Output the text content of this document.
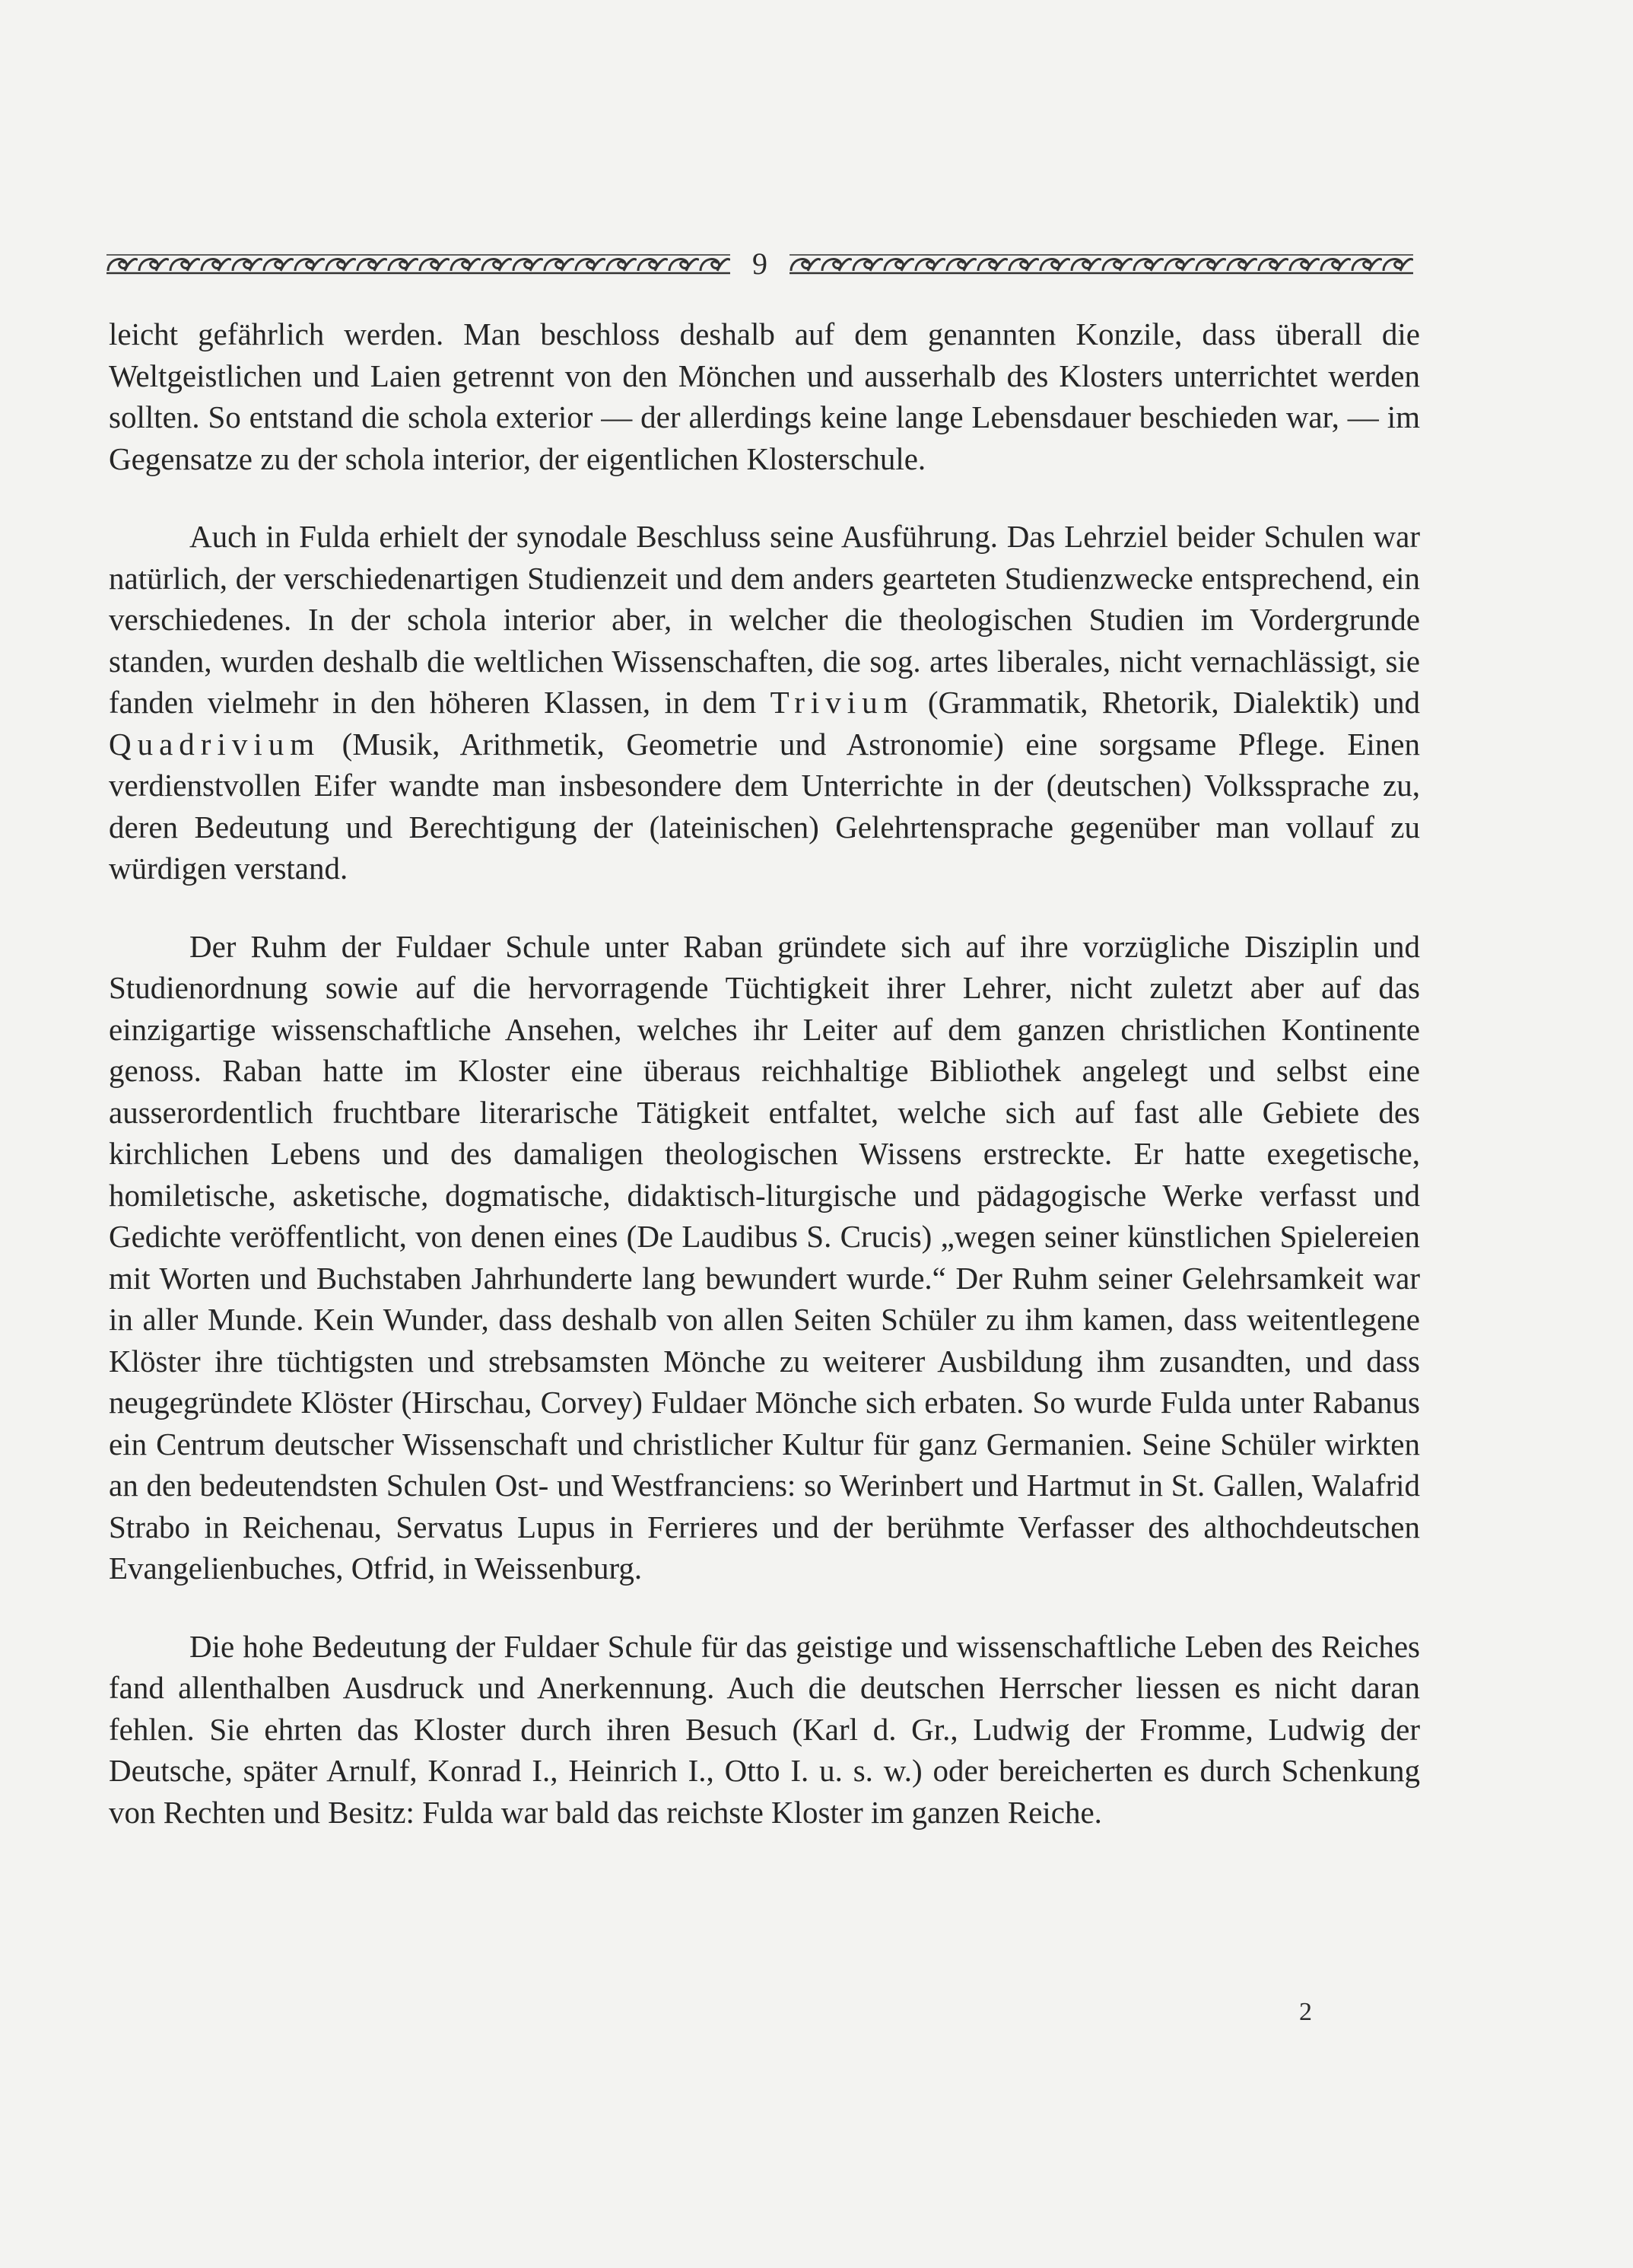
9

leicht gefährlich werden. Man beschloss deshalb auf dem genannten Konzile, dass überall die Weltgeistlichen und Laien getrennt von den Mönchen und ausserhalb des Klosters unterrichtet werden sollten. So entstand die schola exterior — der allerdings keine lange Lebensdauer beschieden war, — im Gegensatze zu der schola interior, der eigentlichen Klosterschule.

Auch in Fulda erhielt der synodale Beschluss seine Ausführung. Das Lehrziel beider Schulen war natürlich, der verschiedenartigen Studienzeit und dem anders gearteten Studienzwecke entsprechend, ein verschiedenes. In der schola interior aber, in welcher die theologischen Studien im Vordergrunde standen, wurden deshalb die weltlichen Wissenschaften, die sog. artes liberales, nicht vernachlässigt, sie fanden vielmehr in den höheren Klassen, in dem Trivium (Grammatik, Rhetorik, Dialektik) und Quadrivium (Musik, Arithmetik, Geometrie und Astronomie) eine sorgsame Pflege. Einen verdienstvollen Eifer wandte man insbesondere dem Unterrichte in der (deutschen) Volkssprache zu, deren Bedeutung und Berechtigung der (lateinischen) Gelehrtensprache gegenüber man vollauf zu würdigen verstand.

Der Ruhm der Fuldaer Schule unter Raban gründete sich auf ihre vorzügliche Disziplin und Studienordnung sowie auf die hervorragende Tüchtigkeit ihrer Lehrer, nicht zuletzt aber auf das einzigartige wissenschaftliche Ansehen, welches ihr Leiter auf dem ganzen christlichen Kontinente genoss. Raban hatte im Kloster eine überaus reichhaltige Bibliothek angelegt und selbst eine ausserordentlich fruchtbare literarische Tätigkeit entfaltet, welche sich auf fast alle Gebiete des kirchlichen Lebens und des damaligen theologischen Wissens erstreckte. Er hatte exegetische, homiletische, asketische, dogmatische, didaktisch-liturgische und pädagogische Werke verfasst und Gedichte veröffentlicht, von denen eines (De Laudibus S. Crucis) „wegen seiner künstlichen Spielereien mit Worten und Buchstaben Jahrhunderte lang bewundert wurde.“ Der Ruhm seiner Gelehrsamkeit war in aller Munde. Kein Wunder, dass deshalb von allen Seiten Schüler zu ihm kamen, dass weitentlegene Klöster ihre tüchtigsten und strebsamsten Mönche zu weiterer Ausbildung ihm zusandten, und dass neugegründete Klöster (Hirschau, Corvey) Fuldaer Mönche sich erbaten. So wurde Fulda unter Rabanus ein Centrum deutscher Wissenschaft und christlicher Kultur für ganz Germanien. Seine Schüler wirkten an den bedeutendsten Schulen Ost- und Westfranciens: so Werinbert und Hartmut in St. Gallen, Walafrid Strabo in Reichenau, Servatus Lupus in Ferrieres und der berühmte Verfasser des althochdeutschen Evangelienbuches, Otfrid, in Weissenburg.

Die hohe Bedeutung der Fuldaer Schule für das geistige und wissenschaftliche Leben des Reiches fand allenthalben Ausdruck und Anerkennung. Auch die deutschen Herrscher liessen es nicht daran fehlen. Sie ehrten das Kloster durch ihren Besuch (Karl d. Gr., Ludwig der Fromme, Ludwig der Deutsche, später Arnulf, Konrad I., Heinrich I., Otto I. u. s. w.) oder bereicherten es durch Schenkung von Rechten und Besitz: Fulda war bald das reichste Kloster im ganzen Reiche.

2
